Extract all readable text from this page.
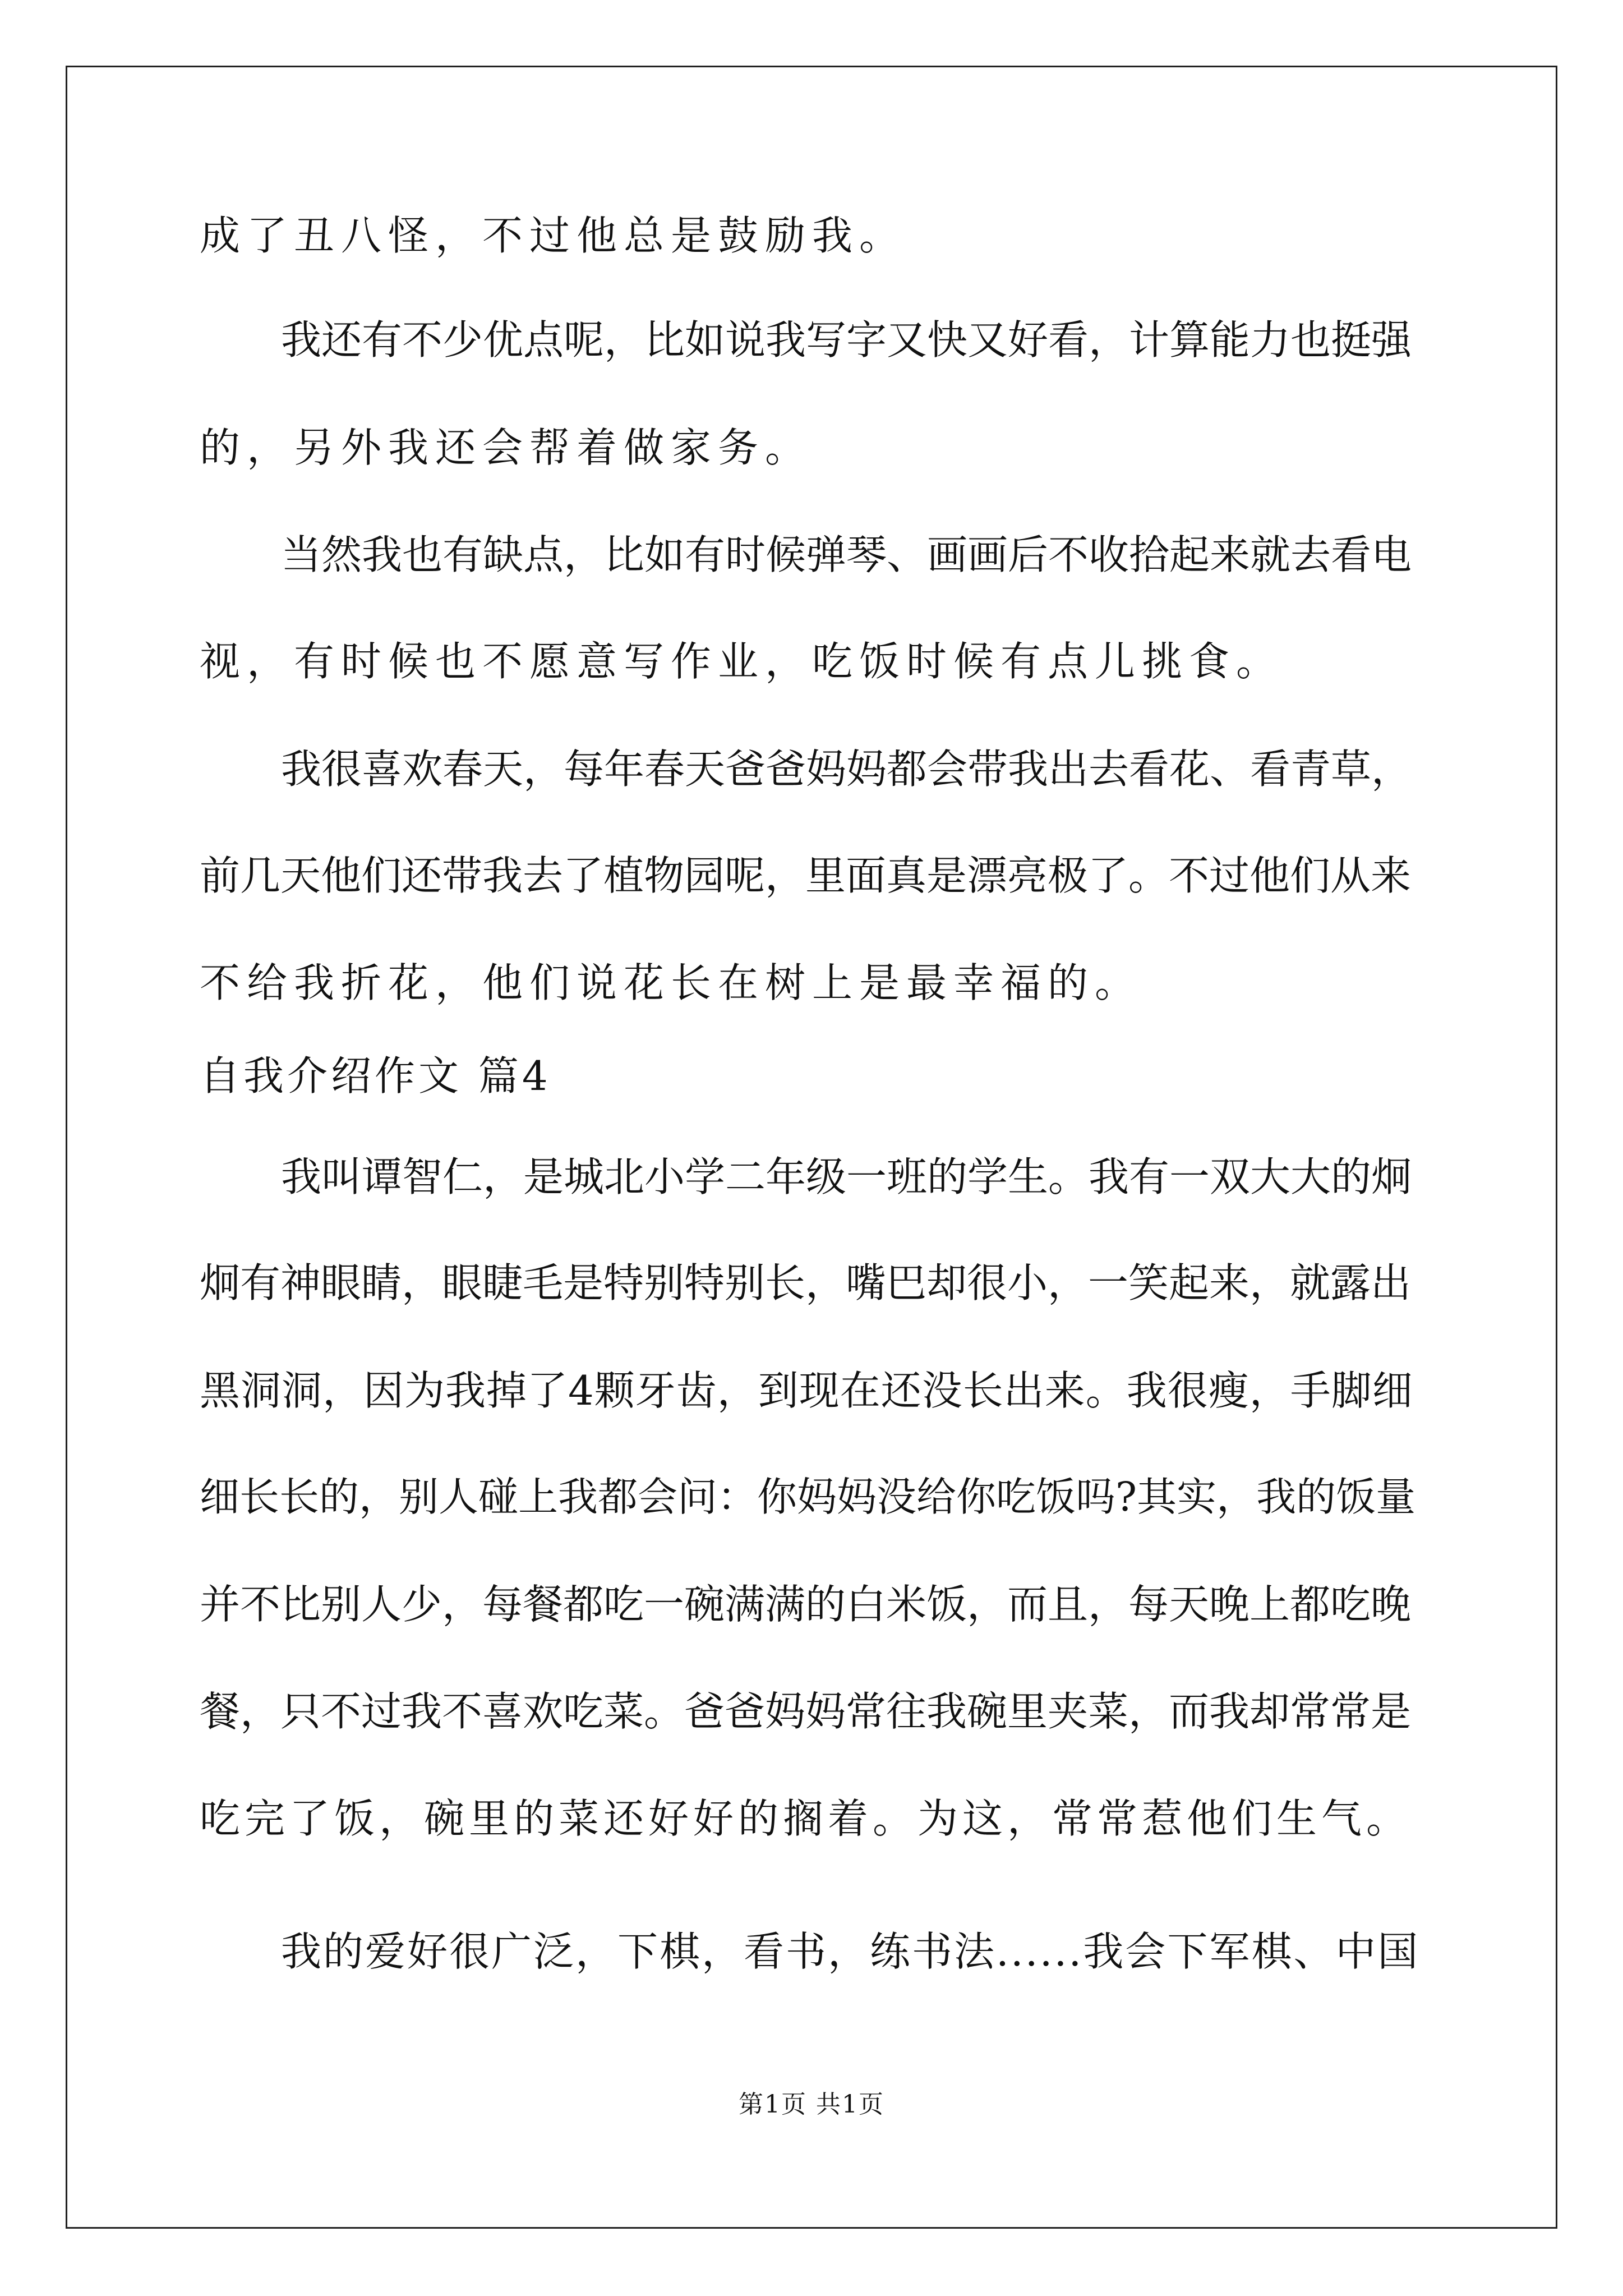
成了丑八怪，不过他总是鼓励我。
我还有不少优点呢，比如说我写字又快又好看，计算能力也挺强
的，另外我还会帮着做家务。
当然我也有缺点，比如有时候弹琴、画画后不收拾起来就去看电
视，有时候也不愿意写作业，吃饭时候有点儿挑食。
我很喜欢春天，每年春天爸爸妈妈都会带我出去看花、看青草，
前几天他们还带我去了植物园呢，里面真是漂亮极了。不过他们从来
不给我折花，他们说花长在树上是最幸福的。
自我介绍作文 篇4
我叫谭智仁，是城北小学二年级一班的学生。我有一双大大的炯
炯有神眼睛，眼睫毛是特别特别长，嘴巴却很小，一笑起来，就露出
黑洞洞，因为我掉了4颗牙齿，到现在还没长出来。我很瘦，手脚细
细长长的，别人碰上我都会问：你妈妈没给你吃饭吗?其实，我的饭量
并不比别人少，每餐都吃一碗满满的白米饭，而且，每天晚上都吃晚
餐，只不过我不喜欢吃菜。爸爸妈妈常往我碗里夹菜，而我却常常是
吃完了饭，碗里的菜还好好的搁着。为这，常常惹他们生气。
我的爱好很广泛，下棋，看书，练书法......我会下军棋、中国
第1页 共1页
